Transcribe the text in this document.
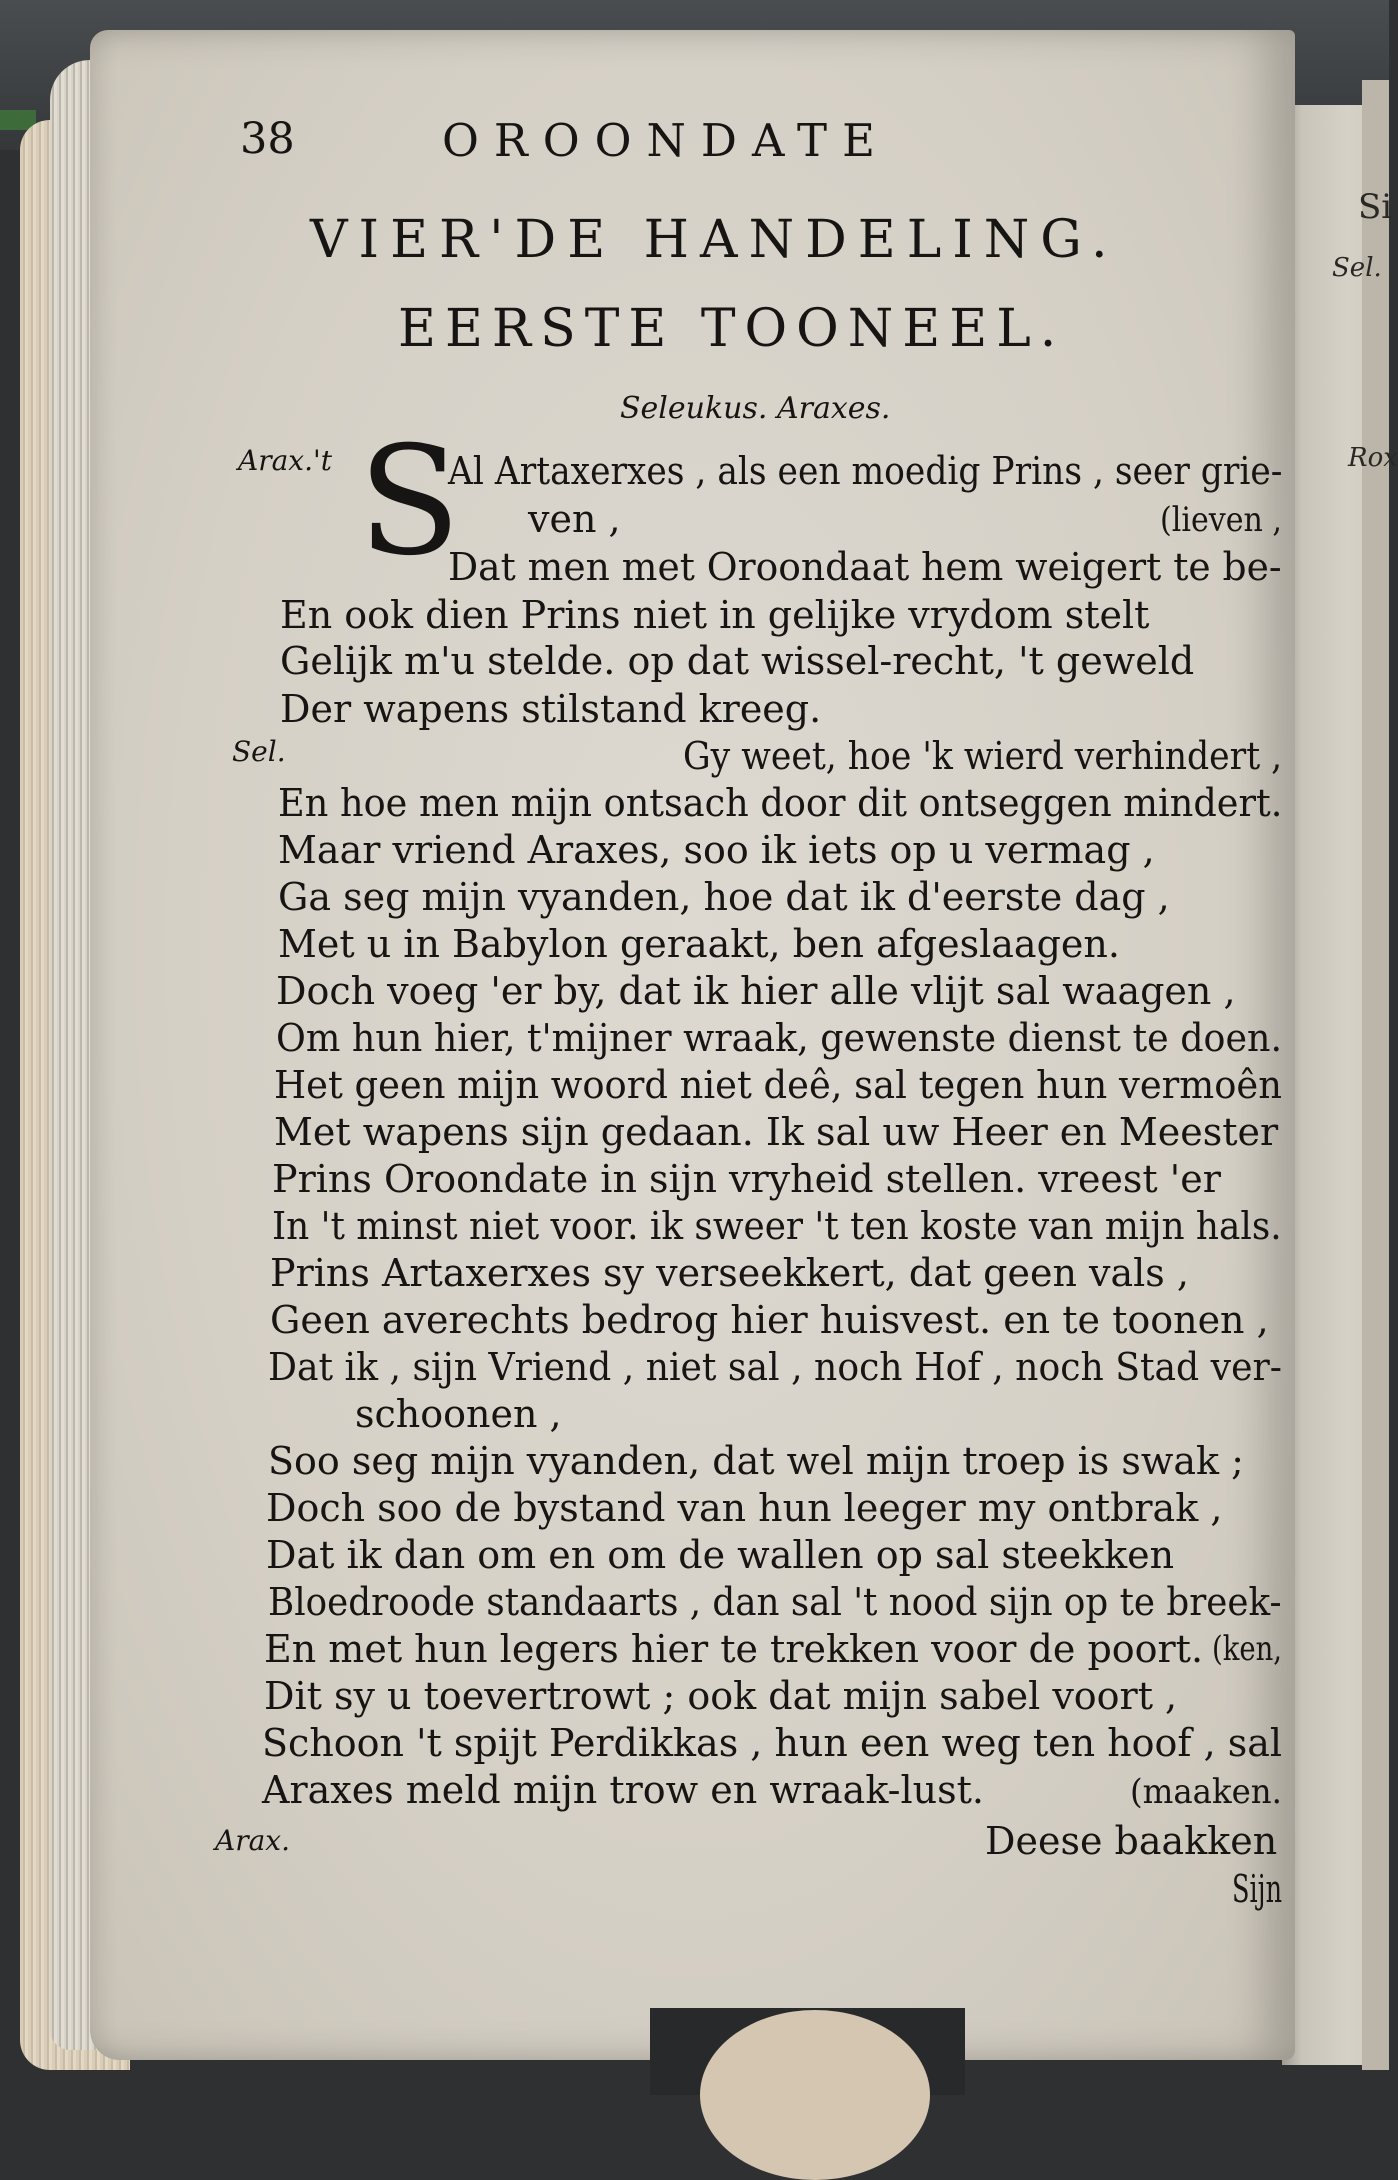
38	OROONDATE
VIER'DE HANDELING.
EERSTE TOONEEL.
Seleukus. Araxes.
Arax.'t S
Al Artaxerxes , als een moedig Prins , seer grie-
ven ,	(lieven ,
Dat men met Oroondaat hem weigert te be-
En ook dien Prins niet in gelijke vrydom stelt
Gelijk m'u stelde. op dat wissel-recht, 't geweld
Der wapens stilstand kreeg.
Sel.	Gy weet, hoe 'k wierd verhindert ,
En hoe men mijn ontsach door dit ontseggen mindert.
Maar vriend Araxes, soo ik iets op u vermag ,
Ga seg mijn vyanden, hoe dat ik d'eerste dag ,
Met u in Babylon geraakt, ben afgeslaagen.
Doch voeg 'er by, dat ik hier alle vlijt sal waagen ,
Om hun hier, t'mijner wraak, gewenste dienst te doen.
Het geen mijn woord niet deê, sal tegen hun vermoên
Met wapens sijn gedaan. Ik sal uw Heer en Meester
Prins Oroondate in sijn vryheid stellen. vreest 'er
In 't minst niet voor. ik sweer 't ten koste van mijn hals.
Prins Artaxerxes sy verseekkert, dat geen vals ,
Geen averechts bedrog hier huisvest. en te toonen ,
Dat ik , sijn Vriend , niet sal , noch Hof , noch Stad ver-
schoonen ,
Soo seg mijn vyanden, dat wel mijn troep is swak ;
Doch soo de bystand van hun leeger my ontbrak ,
Dat ik dan om en om de wallen op sal steekken
Bloedroode standaarts , dan sal 't nood sijn op te breek-
En met hun legers hier te trekken voor de poort. (ken,
Dit sy u toevertrowt ; ook dat mijn sabel voort ,
Schoon 't spijt Perdikkas , hun een weg ten hoof , sal
Araxes meld mijn trow en wraak-lust.	(maaken.
Arax.	Deese baakken
Sijn
Si
Sel.
Rox
